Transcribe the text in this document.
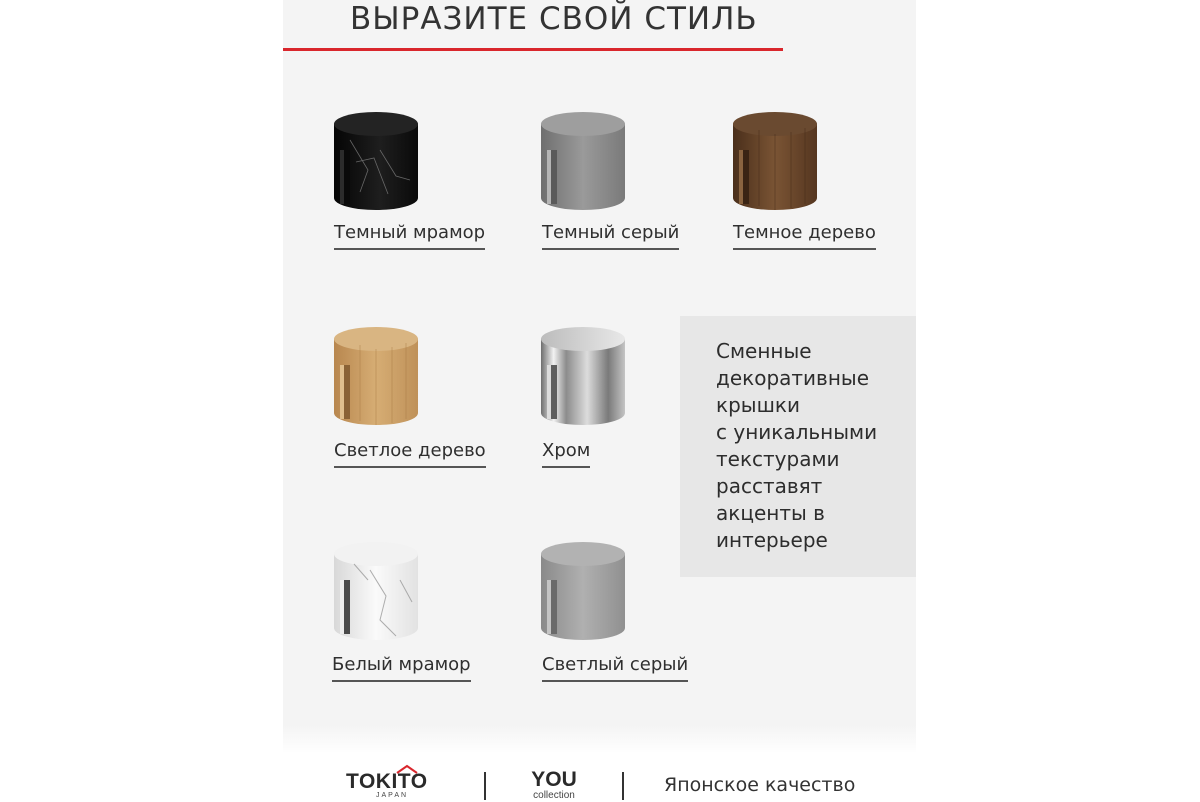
ВЫРАЗИТЕ СВОЙ СТИЛЬ
Темный мрамор	Темный серый	Темное дерево
Светлое дерево	Хром
Белый мрамор	Светлый серый
Сменные
декоративные
крышки
с уникальными
текстурами
расставят
акценты в
интерьере
TOKITO
JAPAN
YOU
collection	Японское качество
